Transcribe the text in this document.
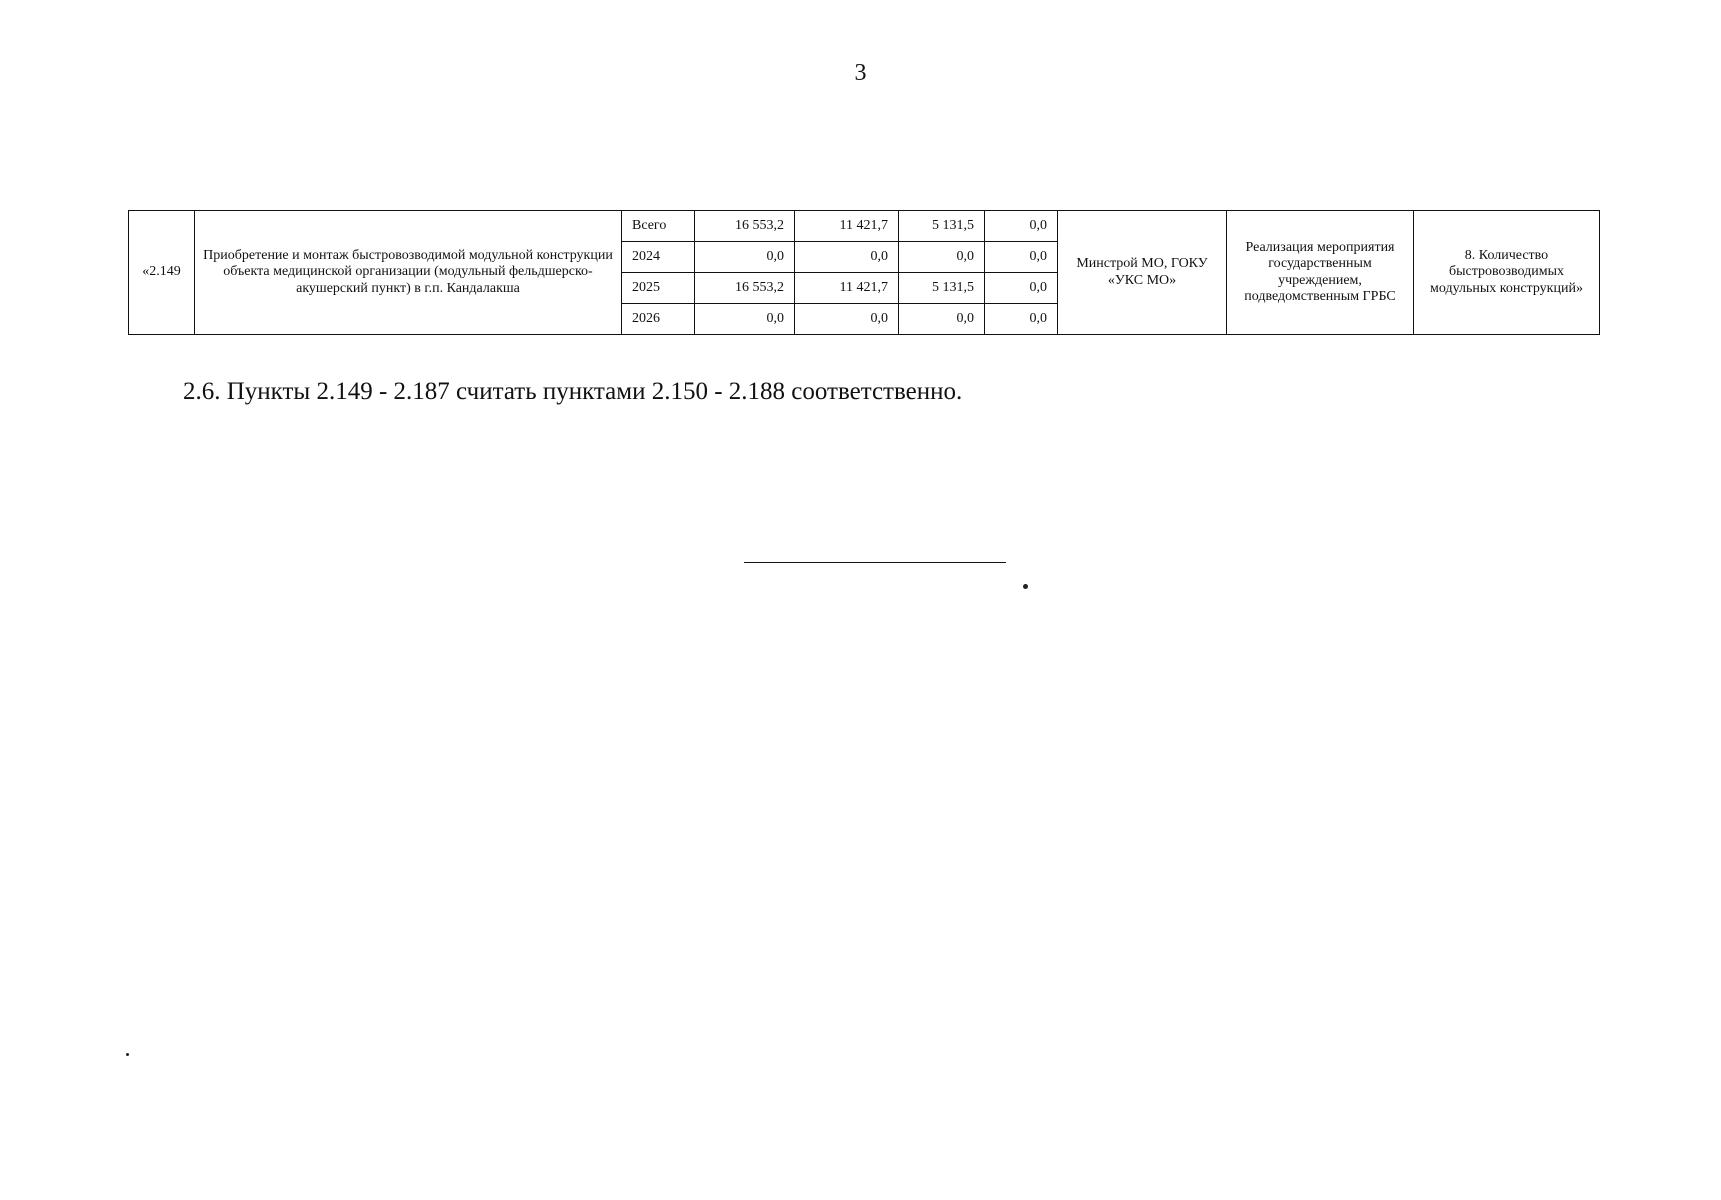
3
«2.149	Приобретение и монтаж быстровозводимой модульной конструкции объекта медицинской организации (модульный фельдшерско-акушерский пункт) в г.п. Кандалакша	Всего	16 553,2	11 421,7	5 131,5	0,0	Минстрой МО, ГОКУ «УКС МО»	Реализация мероприятия государственным учреждением, подведомственным ГРБС	8. Количество быстровозводимых модульных конструкций»
		2024	0,0	0,0	0,0	0,0			
		2025	16 553,2	11 421,7	5 131,5	0,0			
		2026	0,0	0,0	0,0	0,0			
2.6. Пункты 2.149 - 2.187 считать пунктами 2.150 - 2.188 соответственно.
